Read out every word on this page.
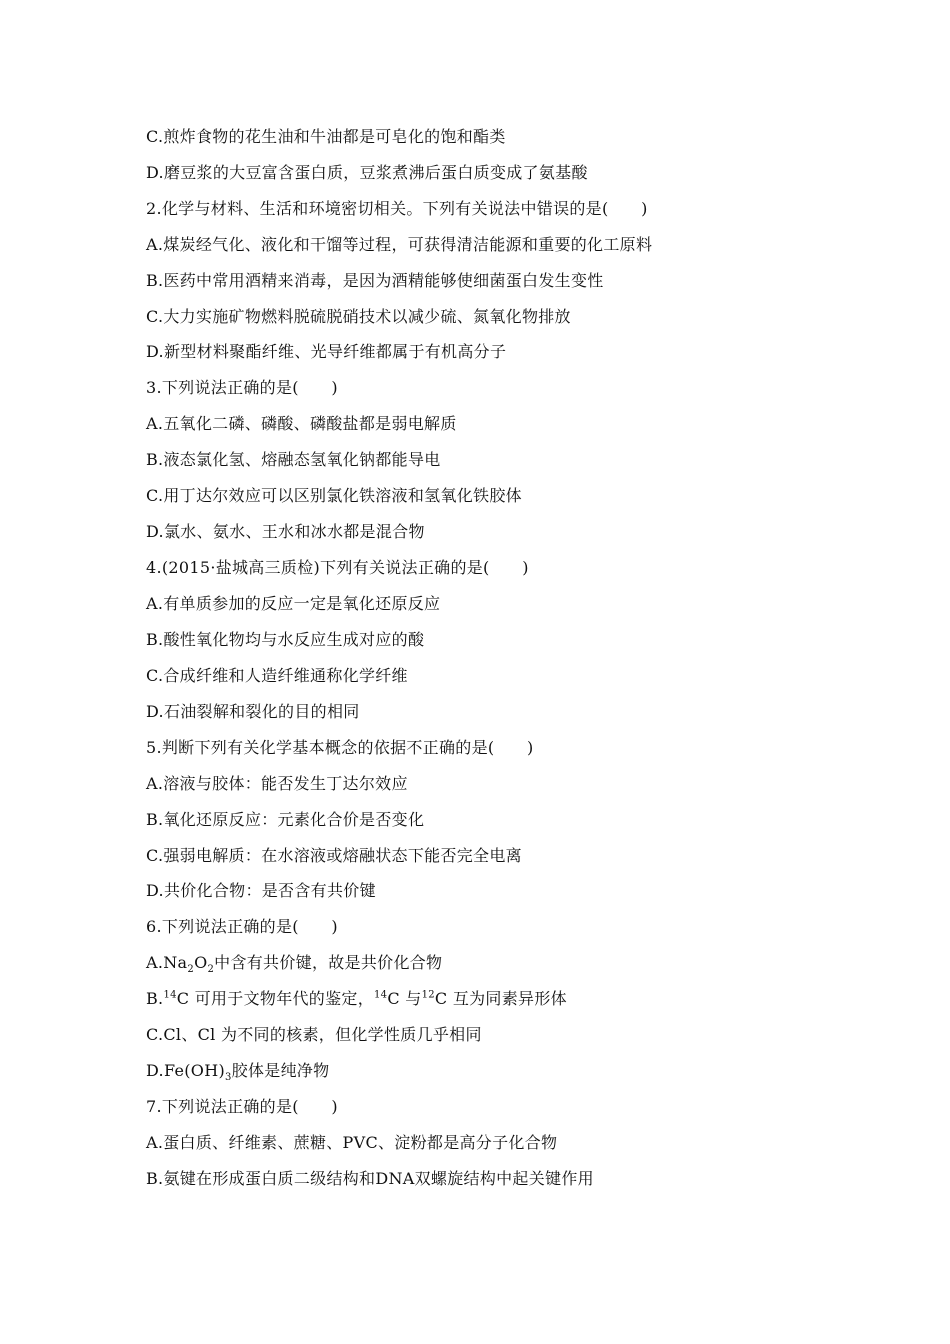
C.煎炸食物的花生油和牛油都是可皂化的饱和酯类
D.磨豆浆的大豆富含蛋白质，豆浆煮沸后蛋白质变成了氨基酸
2.化学与材料、生活和环境密切相关。下列有关说法中错误的是(　　)
A.煤炭经气化、液化和干馏等过程，可获得清洁能源和重要的化工原料
B.医药中常用酒精来消毒，是因为酒精能够使细菌蛋白发生变性
C.大力实施矿物燃料脱硫脱硝技术以减少硫、氮氧化物排放
D.新型材料聚酯纤维、光导纤维都属于有机高分子
3.下列说法正确的是(　　)
A.五氧化二磷、磷酸、磷酸盐都是弱电解质
B.液态氯化氢、熔融态氢氧化钠都能导电
C.用丁达尔效应可以区别氯化铁溶液和氢氧化铁胶体
D.氯水、氨水、王水和冰水都是混合物
4.(2015·盐城高三质检)下列有关说法正确的是(　　)
A.有单质参加的反应一定是氧化还原反应
B.酸性氧化物均与水反应生成对应的酸
C.合成纤维和人造纤维通称化学纤维
D.石油裂解和裂化的目的相同
5.判断下列有关化学基本概念的依据不正确的是(　　)
A.溶液与胶体：能否发生丁达尔效应
B.氧化还原反应：元素化合价是否变化
C.强弱电解质：在水溶液或熔融状态下能否完全电离
D.共价化合物：是否含有共价键
6.下列说法正确的是(　　)
$A.Na_2O_2$中含有共价键，故是共价化合物
B.$^{14}$C 可用于文物年代的鉴定，$^{14}$C 与$^{12}$C 互为同素异形体
C.Cl、Cl 为不同的核素，但化学性质几乎相同
$D.Fe(OH)_3$胶体是纯净物
7.下列说法正确的是(　　)
A.蛋白质、纤维素、蔗糖、PVC、淀粉都是高分子化合物
B.氨键在形成蛋白质二级结构和DNA双螺旋结构中起关键作用
